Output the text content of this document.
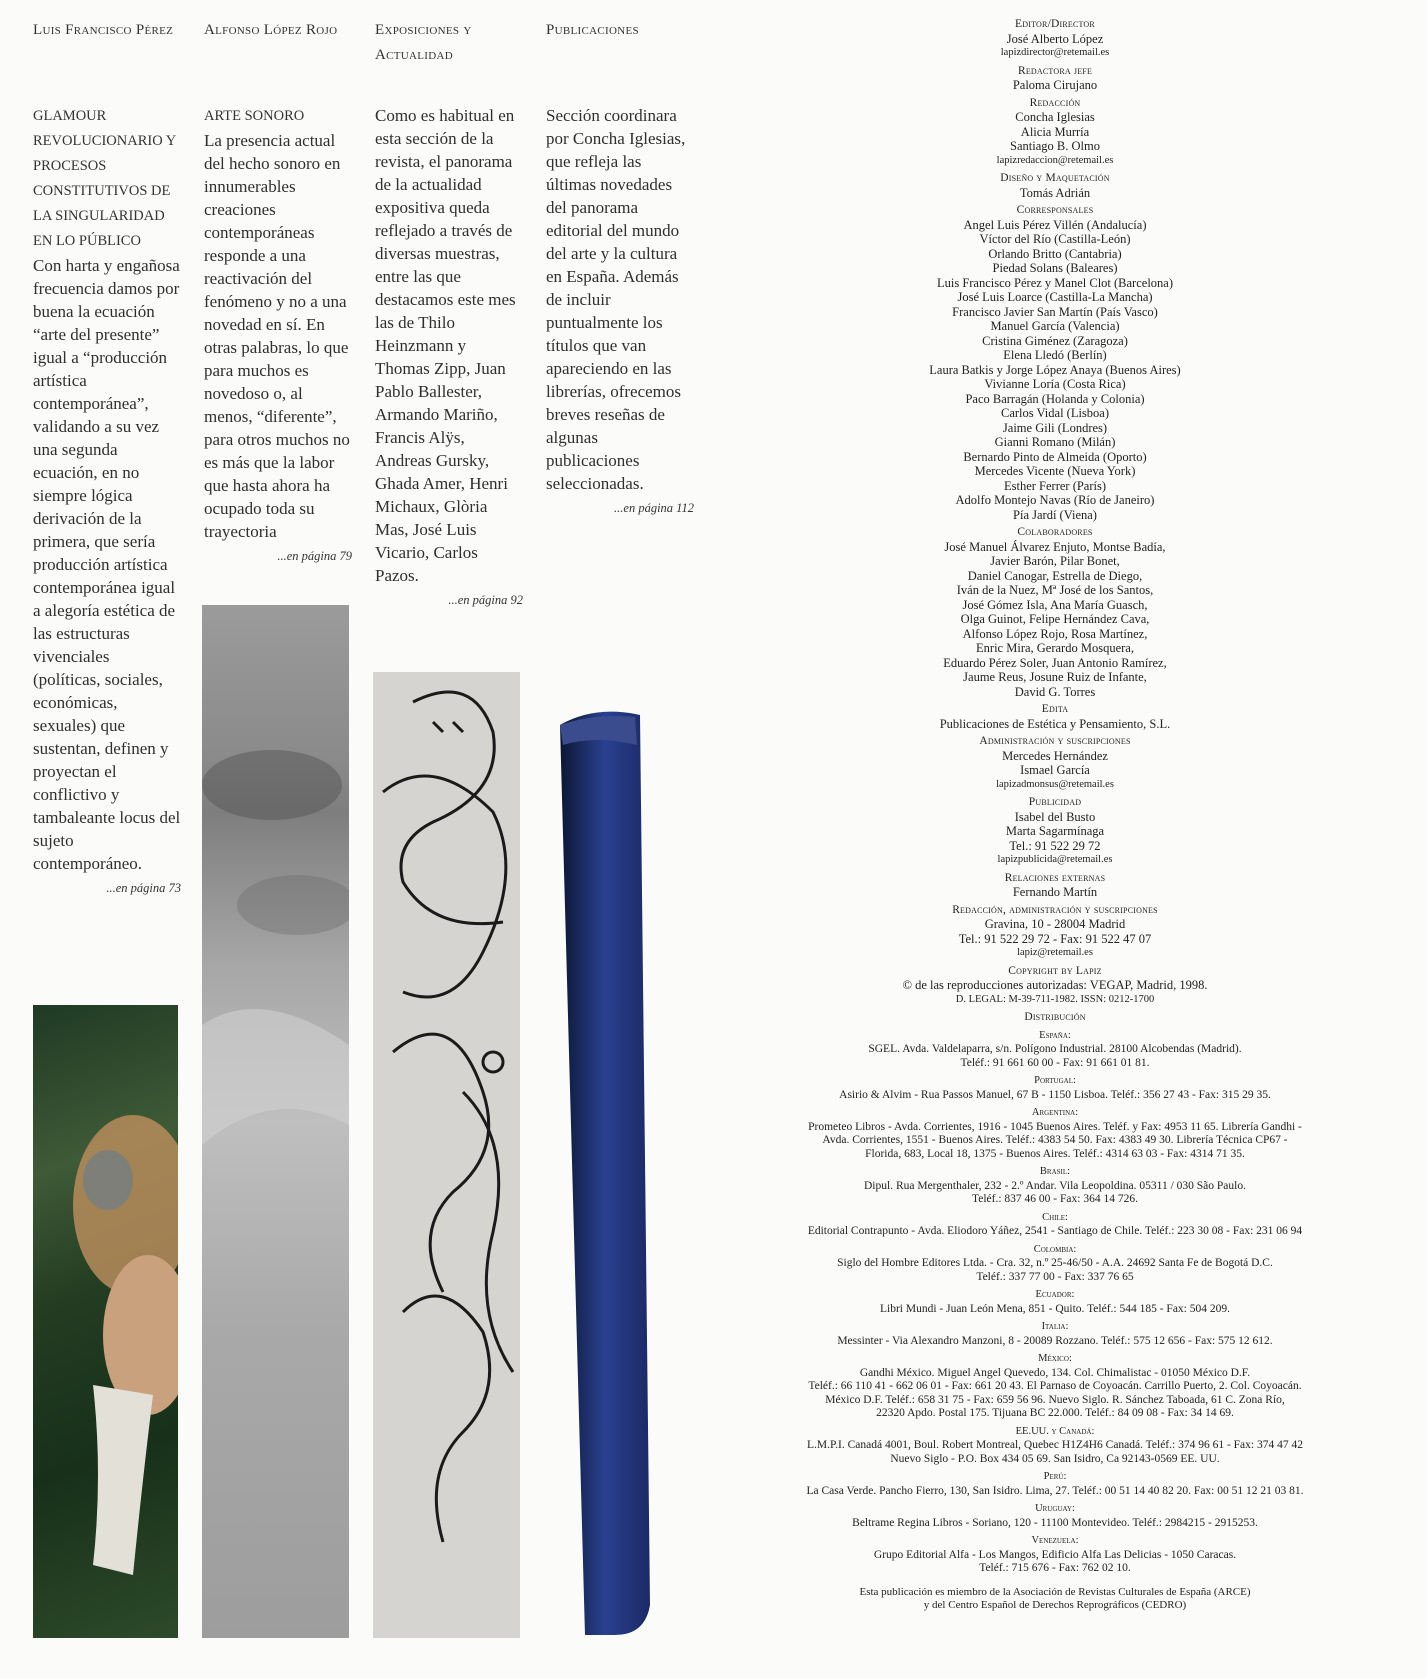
Luis Francisco Pérez
GLAMOUR REVOLUCIONARIO Y PROCESOS CONSTITUTIVOS DE LA SINGULARIDAD EN LO PÚBLICO
Con harta y engañosa frecuencia damos por buena la ecuación “arte del presente” igual a “producción artística contemporánea”, validando a su vez una segunda ecuación, en no siempre lógica derivación de la primera, que sería producción artística contemporánea igual a alegoría estética de las estructuras vivenciales (políticas, sociales, económicas, sexuales) que sustentan, definen y proyectan el conflictivo y tambaleante locus del sujeto contemporáneo.
...en página 73
Alfonso López Rojo
ARTE SONORO
La presencia actual del hecho sonoro en innumerables creaciones contemporáneas responde a una reactivación del fenómeno y no a una novedad en sí. En otras palabras, lo que para muchos es novedoso o, al menos, “diferente”, para otros muchos no es más que la labor que hasta ahora ha ocupado toda su trayectoria
...en página 79
Exposiciones y Actualidad
Como es habitual en esta sección de la revista, el panorama de la actualidad expositiva queda reflejado a través de diversas muestras, entre las que destacamos este mes las de Thilo Heinzmann y Thomas Zipp, Juan Pablo Ballester, Armando Mariño, Francis Alÿs, Andreas Gursky, Ghada Amer, Henri Michaux, Glòria Mas, José Luis Vicario, Carlos Pazos.
...en página 92
Publicaciones
Sección coordinara por Concha Iglesias, que refleja las últimas novedades del panorama editorial del mundo del arte y la cultura en España. Además de incluir puntualmente los títulos que van apareciendo en las librerías, ofrecemos breves reseñas de algunas publicaciones seleccionadas.
...en página 112
Editor/Director
José Alberto López
lapizdirector@retemail.es
Redactora jefe
Paloma Cirujano
Redacción
Concha Iglesias
Alicia Murría
Santiago B. Olmo
lapizredaccion@retemail.es
Diseño y Maquetación
Tomás Adrián
Corresponsales
Angel Luis Pérez Villén (Andalucía)
Víctor del Río (Castilla-León)
Orlando Britto (Cantabria)
Piedad Solans (Baleares)
Luis Francisco Pérez y Manel Clot (Barcelona)
José Luis Loarce (Castilla-La Mancha)
Francisco Javier San Martín (País Vasco)
Manuel García (Valencia)
Cristina Giménez (Zaragoza)
Elena Lledó (Berlín)
Laura Batkis y Jorge López Anaya (Buenos Aires)
Vivianne Loría (Costa Rica)
Paco Barragán (Holanda y Colonia)
Carlos Vidal (Lisboa)
Jaime Gili (Londres)
Gianni Romano (Milán)
Bernardo Pinto de Almeida (Oporto)
Mercedes Vicente (Nueva York)
Esther Ferrer (París)
Adolfo Montejo Navas (Río de Janeiro)
Pía Jardí (Viena)
Colaboradores
José Manuel Álvarez Enjuto, Montse Badía,
Javier Barón, Pilar Bonet,
Daniel Canogar, Estrella de Diego,
Iván de la Nuez, Mª José de los Santos,
José Gómez Isla, Ana María Guasch,
Olga Guinot, Felipe Hernández Cava,
Alfonso López Rojo, Rosa Martínez,
Enric Mira, Gerardo Mosquera,
Eduardo Pérez Soler, Juan Antonio Ramírez,
Jaume Reus, Josune Ruiz de Infante,
David G. Torres
Edita
Publicaciones de Estética y Pensamiento, S.L.
Administración y suscripciones
Mercedes Hernández
Ismael García
lapizadmonsus@retemail.es
Publicidad
Isabel del Busto
Marta Sagarmínaga
Tel.: 91 522 29 72
lapizpublicida@retemail.es
Relaciones externas
Fernando Martín
Redacción, administración y suscripciones
Gravina, 10 - 28004 Madrid
Tel.: 91 522 29 72 - Fax: 91 522 47 07
lapiz@retemail.es
Copyright by Lapiz
© de las reproducciones autorizadas: VEGAP, Madrid, 1998.
D. LEGAL: M-39-711-1982. ISSN: 0212-1700
Distribución
España:
SGEL. Avda. Valdelaparra, s/n. Polígono Industrial. 28100 Alcobendas (Madrid).
Teléf.: 91 661 60 00 - Fax: 91 661 01 81.
Portugal:
Asirio & Alvim - Rua Passos Manuel, 67 B - 1150 Lisboa. Teléf.: 356 27 43 - Fax: 315 29 35.
Argentina:
Prometeo Libros - Avda. Corrientes, 1916 - 1045 Buenos Aires. Teléf. y Fax: 4953 11 65. Librería Gandhi -
Avda. Corrientes, 1551 - Buenos Aires. Teléf.: 4383 54 50. Fax: 4383 49 30. Librería Técnica CP67 -
Florida, 683, Local 18, 1375 - Buenos Aires. Teléf.: 4314 63 03 - Fax: 4314 71 35.
Brasil:
Dipul. Rua Mergenthaler, 232 - 2.º Andar. Vila Leopoldina. 05311 / 030 São Paulo.
Teléf.: 837 46 00 - Fax: 364 14 726.
Chile:
Editorial Contrapunto - Avda. Eliodoro Yáñez, 2541 - Santiago de Chile. Teléf.: 223 30 08 - Fax: 231 06 94
Colombia:
Siglo del Hombre Editores Ltda. - Cra. 32, n.º 25-46/50 - A.A. 24692 Santa Fe de Bogotá D.C.
Teléf.: 337 77 00 - Fax: 337 76 65
Ecuador:
Libri Mundi - Juan León Mena, 851 - Quito. Teléf.: 544 185 - Fax: 504 209.
Italia:
Messinter - Via Alexandro Manzoni, 8 - 20089 Rozzano. Teléf.: 575 12 656 - Fax: 575 12 612.
México:
Gandhi México. Miguel Angel Quevedo, 134. Col. Chimalistac - 01050 México D.F.
Teléf.: 66 110 41 - 662 06 01 - Fax: 661 20 43. El Parnaso de Coyoacán. Carrillo Puerto, 2. Col. Coyoacán.
México D.F. Teléf.: 658 31 75 - Fax: 659 56 96. Nuevo Siglo. R. Sánchez Taboada, 61 C. Zona Río,
22320 Apdo. Postal 175. Tijuana BC 22.000. Teléf.: 84 09 08 - Fax: 34 14 69.
EE.UU. y Canadá:
L.M.P.I. Canadá 4001, Boul. Robert Montreal, Quebec H1Z4H6 Canadá. Teléf.: 374 96 61 - Fax: 374 47 42
Nuevo Siglo - P.O. Box 434 05 69. San Isidro, Ca 92143-0569 EE. UU.
Perú:
La Casa Verde. Pancho Fierro, 130, San Isidro. Lima, 27. Teléf.: 00 51 14 40 82 20. Fax: 00 51 12 21 03 81.
Uruguay:
Beltrame Regina Libros - Soriano, 120 - 11100 Montevideo. Teléf.: 2984215 - 2915253.
Venezuela:
Grupo Editorial Alfa - Los Mangos, Edificio Alfa Las Delicias - 1050 Caracas.
Teléf.: 715 676 - Fax: 762 02 10.
Esta publicación es miembro de la Asociación de Revistas Culturales de España (ARCE)
y del Centro Español de Derechos Reprográficos (CEDRO)
